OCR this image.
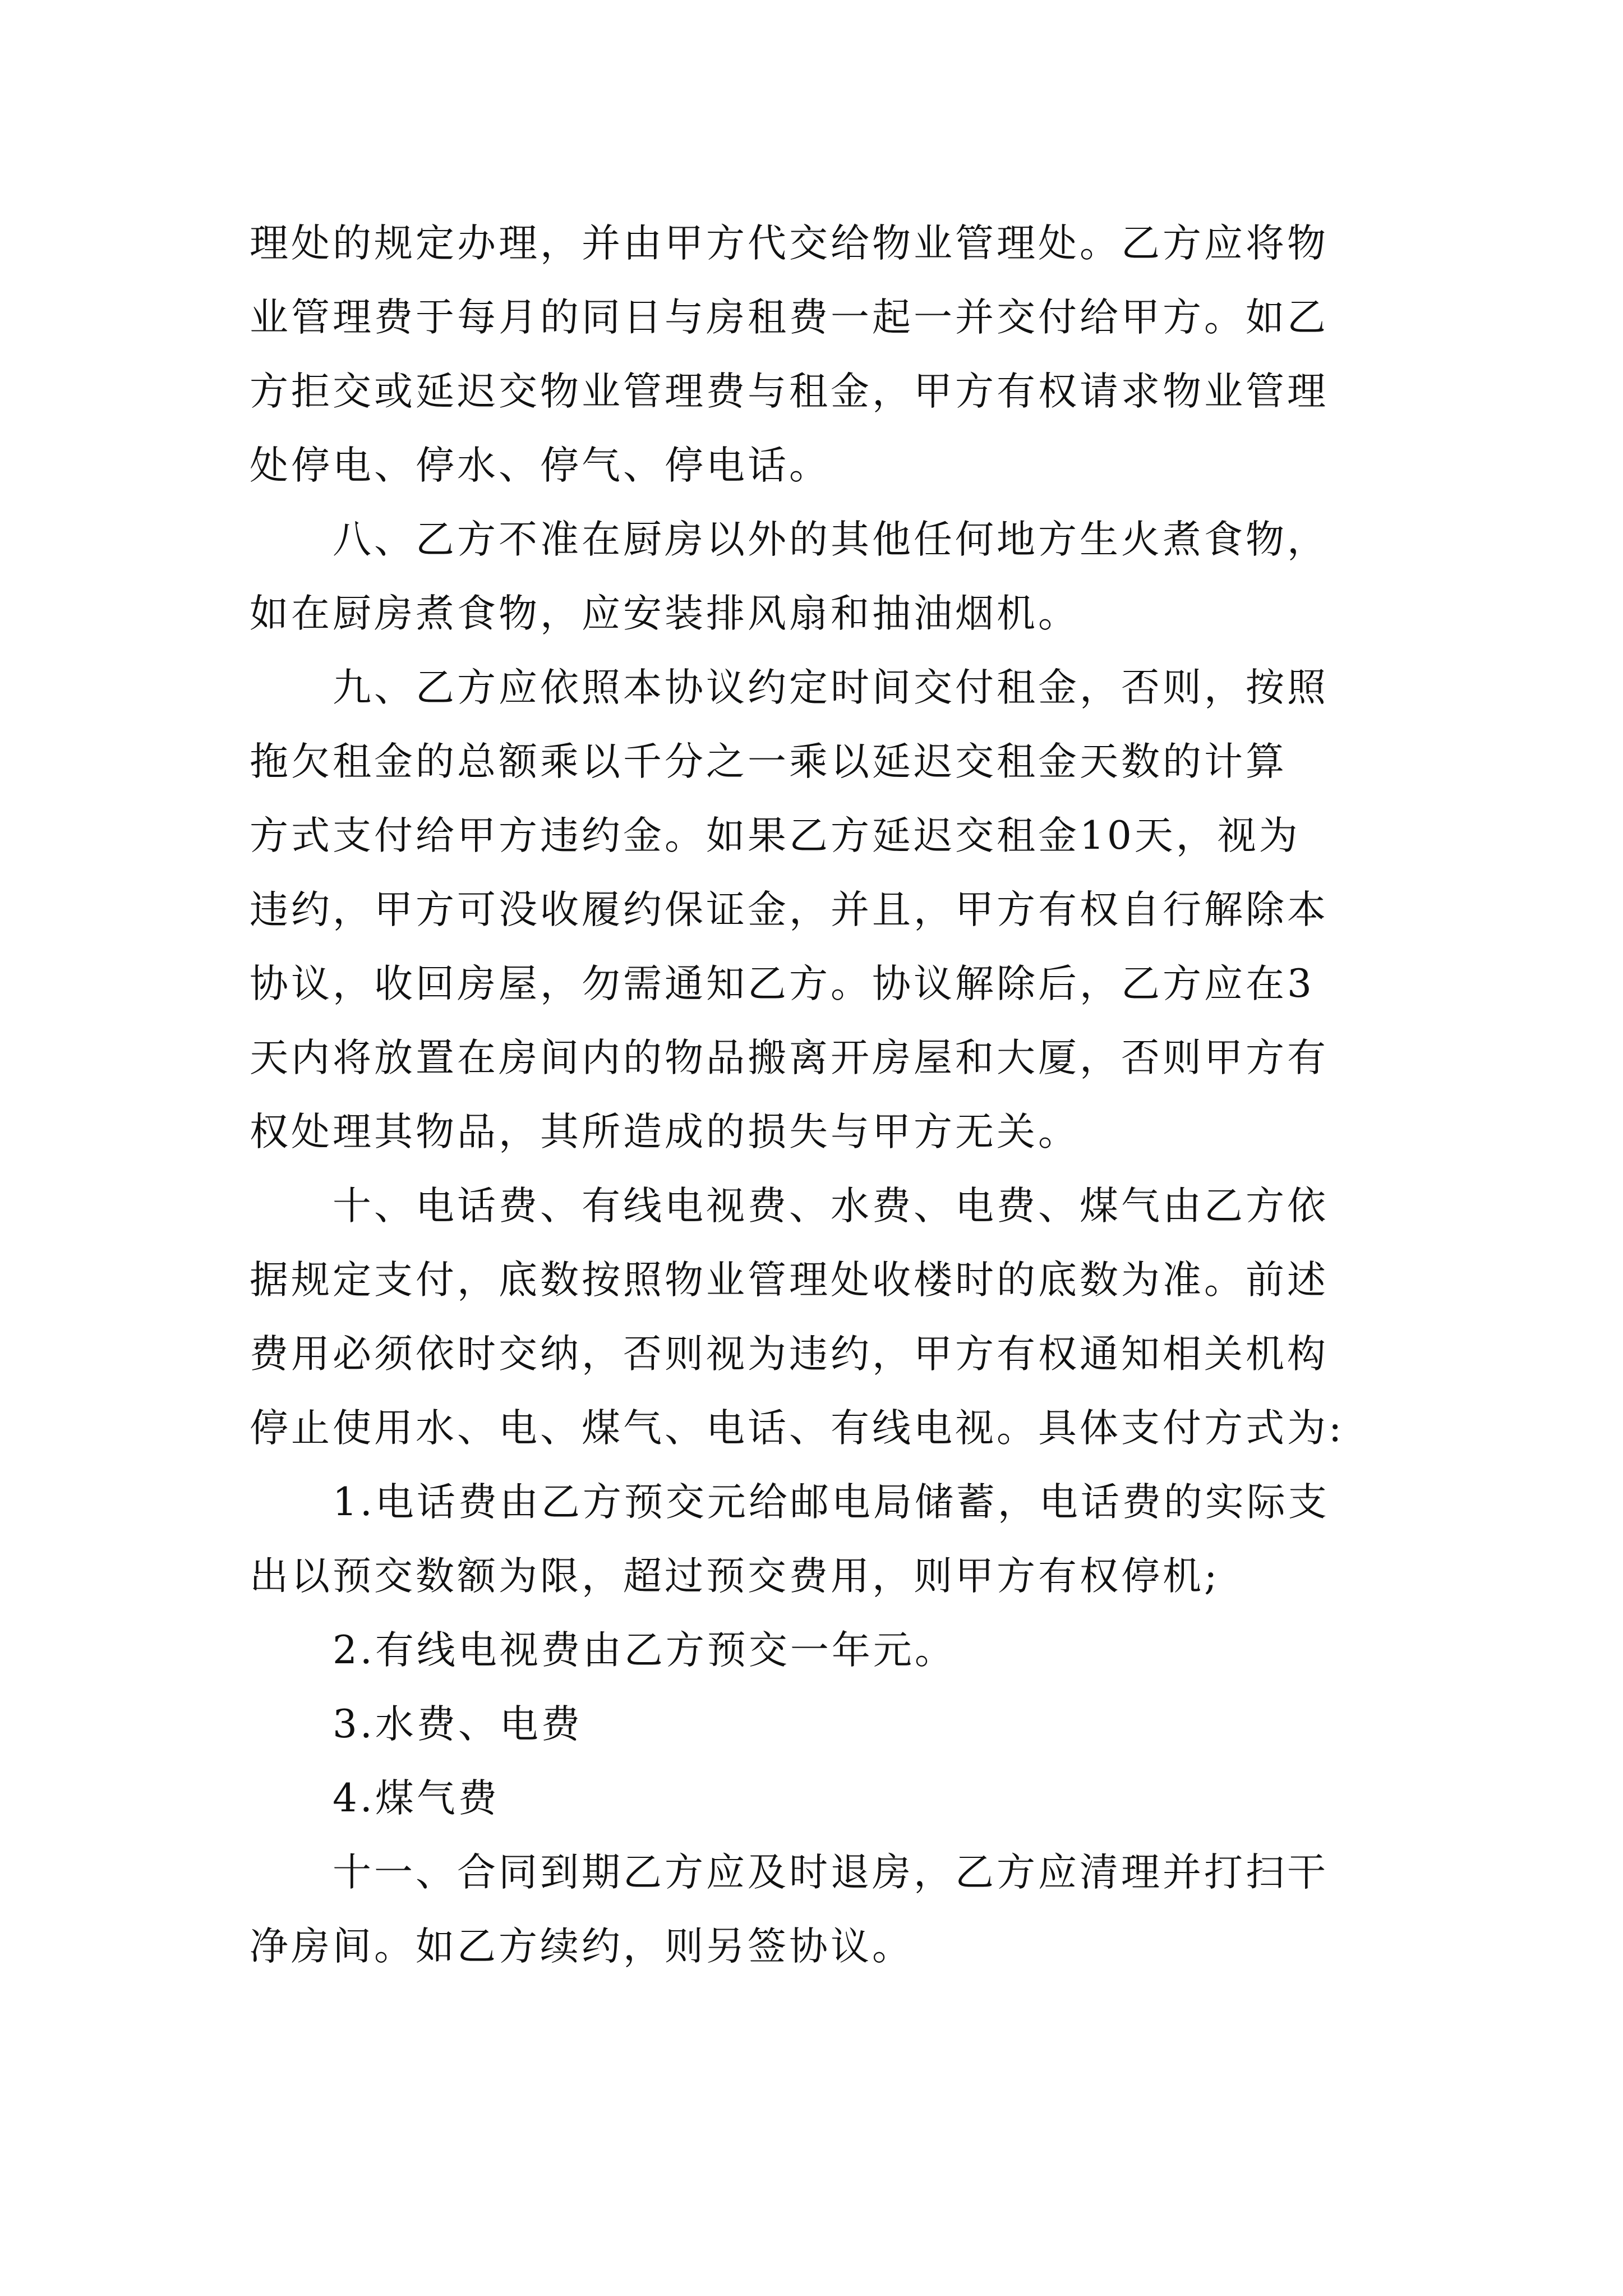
理处的规定办理，并由甲方代交给物业管理处。乙方应将物
业管理费于每月的同日与房租费一起一并交付给甲方。如乙
方拒交或延迟交物业管理费与租金，甲方有权请求物业管理
处停电、停水、停气、停电话。
八、乙方不准在厨房以外的其他任何地方生火煮食物，
如在厨房煮食物，应安装排风扇和抽油烟机。
九、乙方应依照本协议约定时间交付租金，否则，按照
拖欠租金的总额乘以千分之一乘以延迟交租金天数的计算
方式支付给甲方违约金。如果乙方延迟交租金10天，视为
违约，甲方可没收履约保证金，并且，甲方有权自行解除本
协议，收回房屋，勿需通知乙方。协议解除后，乙方应在3
天内将放置在房间内的物品搬离开房屋和大厦，否则甲方有
权处理其物品，其所造成的损失与甲方无关。
十、电话费、有线电视费、水费、电费、煤气由乙方依
据规定支付，底数按照物业管理处收楼时的底数为准。前述
费用必须依时交纳，否则视为违约，甲方有权通知相关机构
停止使用水、电、煤气、电话、有线电视。具体支付方式为:
1.电话费由乙方预交元给邮电局储蓄，电话费的实际支
出以预交数额为限，超过预交费用，则甲方有权停机;
2.有线电视费由乙方预交一年元。
3.水费、电费
4.煤气费
十一、合同到期乙方应及时退房，乙方应清理并打扫干
净房间。如乙方续约，则另签协议。
